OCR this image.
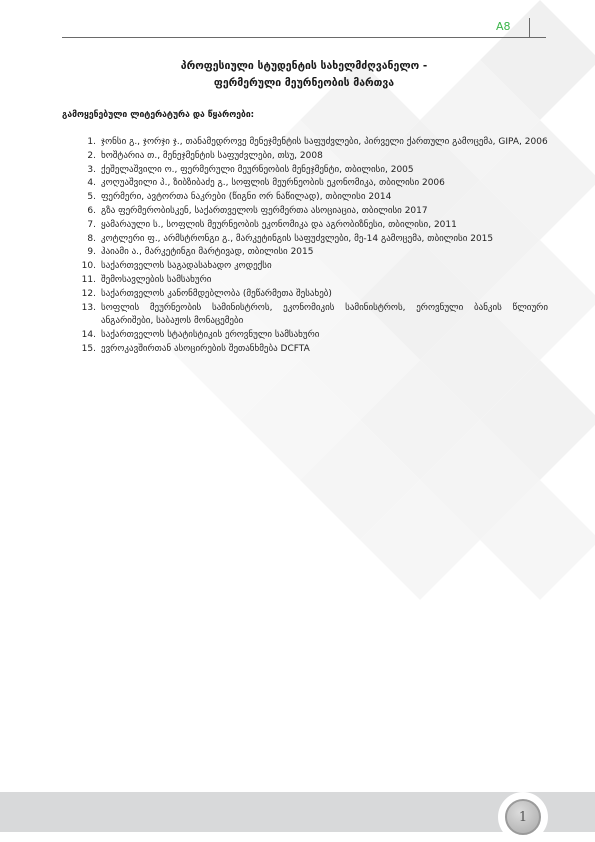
A8
პროფესიული სტუდენტის სახელმძღვანელო -
ფერმერული მეურნეობის მართვა
გამოყენებული ლიტერატურა და წყაროები:
1. ჯონსი გ., ჯორჯი ჯ., თანამედროვე მენეჯმენტის საფუძვლები, პირველი ქართული გამოცემა, GIPA, 2006
2. ხოშტარია თ., მენეჯმენტის საფუძვლები, თსუ, 2008
3. ქეშელაშვილი ო., ფერმერული მეურნეობის მენეჯმენტი, თბილისი, 2005
4. კოღუაშვილი პ., ზიბზიბაძე გ., სოფლის მეურნეობის ეკონომიკა, თბილისი 2006
5. ფერმერი, ავტორთა ნაკრები (წიგნი ორ ნაწილად), თბილისი 2014
6. გზა ფერმერობისკენ, საქართველოს ფერმერთა ასოციაცია, თბილისი 2017
7. ყამარაული ს., სოფლის მეურნეობის ეკონომიკა და აგრობიზნესი, თბილისი, 2011
8. კოტლერი ფ., არმსტრონგი გ., მარკეტინგის საფუძვლები, მე-14 გამოცემა, თბილისი 2015
9. ჰაიამი ა., მარკეტინგი მარტივად, თბილისი 2015
10. საქართველოს საგადასახადო კოდექსი
11. შემოსავლების სამსახური
12. საქართველოს კანონმდებლობა (მეწარმეთა შესახებ)
13. სოფლის მეურნეობის სამინისტროს, ეკონომიკის სამინისტროს, ეროვნული ბანკის წლიური ანგარიშები, საბაჟოს მონაცემები
14. საქართველოს სტატისტიკის ეროვნული სამსახური
15. ევროკავშირთან ასოცირების შეთანხმება DCFTA
1
